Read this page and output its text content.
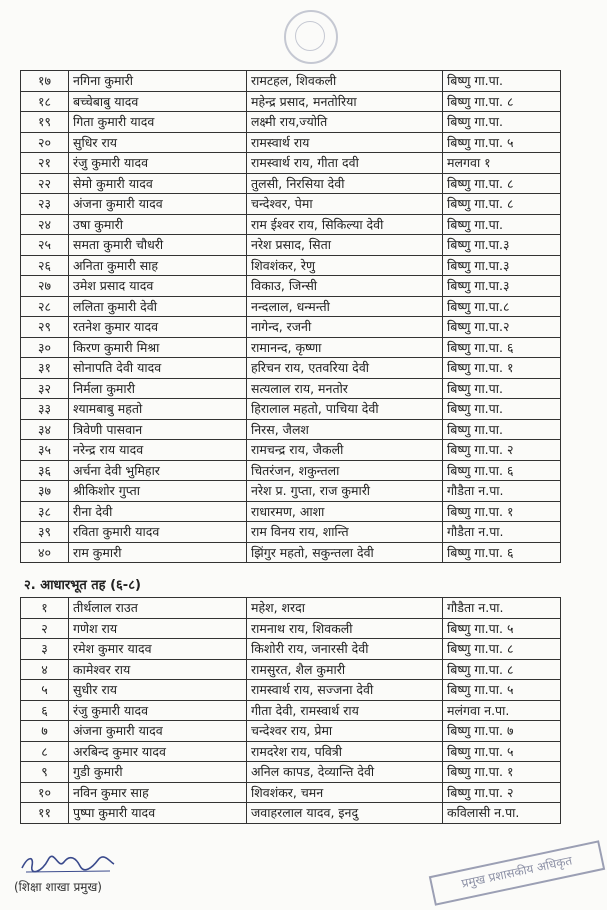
१७	नगिना कुमारी	रामटहल, शिवकली	बिष्णु गा.पा.
१८	बच्चेबाबु यादव	महेन्द्र प्रसाद, मनतोरिया	बिष्णु गा.पा. ८
१९	गिता कुमारी यादव	लक्ष्मी राय,ज्योति	बिष्णु गा.पा.
२०	सुधिर राय	रामस्वार्थ राय	बिष्णु गा.पा. ५
२१	रंजु कुमारी यादव	रामस्वार्थ राय, गीता दवी	मलगवा १
२२	सेमो कुमारी यादव	तुलसी, निरसिया देवी	बिष्णु गा.पा. ८
२३	अंजना कुमारी यादव	चन्देश्वर, पेमा	बिष्णु गा.पा. ८
२४	उषा कुमारी	राम ईश्वर राय, सिकिल्या देवी	बिष्णु गा.पा.
२५	समता कुमारी चौधरी	नरेश प्रसाद, सिता	बिष्णु गा.पा.३
२६	अनिता कुमारी साह	शिवशंकर, रेणु	बिष्णु गा.पा.३
२७	उमेश प्रसाद यादव	विकाउ, जिन्सी	बिष्णु गा.पा.३
२८	ललिता कुमारी देवी	नन्दलाल, धन्मन्ती	बिष्णु गा.पा.८
२९	रतनेश कुमार यादव	नागेन्द, रजनी	बिष्णु गा.पा.२
३०	किरण कुमारी मिश्रा	रामानन्द, कृष्णा	बिष्णु गा.पा. ६
३१	सोनापति देवी यादव	हरिचन राय, एतवरिया देवी	बिष्णु गा.पा. १
३२	निर्मला कुमारी	सत्यलाल राय, मनतोर	बिष्णु गा.पा.
३३	श्यामबाबु महतो	हिरालाल महतो, पाचिया देवी	बिष्णु गा.पा.
३४	त्रिवेणी पासवान	निरस, जैलश	बिष्णु गा.पा.
३५	नरेन्द्र राय यादव	रामचन्द्र राय, जैकली	बिष्णु गा.पा. २
३६	अर्चना देवी भुमिहार	चितरंजन, शकुन्तला	बिष्णु गा.पा. ६
३७	श्रीकिशोर गुप्ता	नरेश प्र. गुप्ता, राज कुमारी	गौडैता न.पा.
३८	रीना देवी	राधारमण, आशा	बिष्णु गा.पा. १
३९	रविता कुमारी यादव	राम विनय राय, शान्ति	गौडैता न.पा.
४०	राम कुमारी	झिंगुर महतो, सकुन्तला देवी	बिष्णु गा.पा. ६
२. आधारभूत तह (६-८)
१	तीर्थलाल राउत	महेश, शरदा	गौडैता न.पा.
२	गणेश राय	रामनाथ राय, शिवकली	बिष्णु गा.पा. ५
३	रमेश कुमार यादव	किशोरी राय, जनारसी देवी	बिष्णु गा.पा. ८
४	कामेश्वर राय	रामसुरत, शैल कुमारी	बिष्णु गा.पा. ८
५	सुधीर राय	रामस्वार्थ राय, सज्जना देवी	बिष्णु गा.पा. ५
६	रंजु कुमारी यादव	गीता देवी, रामस्वार्थ राय	मलंगवा न.पा.
७	अंजना कुमारी यादव	चन्देश्वर राय, प्रेमा	बिष्णु गा.पा. ७
८	अरबिन्द कुमार यादव	रामदरेश राय, पवित्री	बिष्णु गा.पा. ५
९	गुडी कुमारी	अनिल कापड, देव्यान्ति देवी	बिष्णु गा.पा. १
१०	नविन कुमार साह	शिवशंकर, चमन	बिष्णु गा.पा. २
११	पुष्पा कुमारी यादव	जवाहरलाल यादव, इनदु	कविलासी न.पा.
(शिक्षा शाखा प्रमुख)	प्रमुख प्रशासकीय अधिकृत
